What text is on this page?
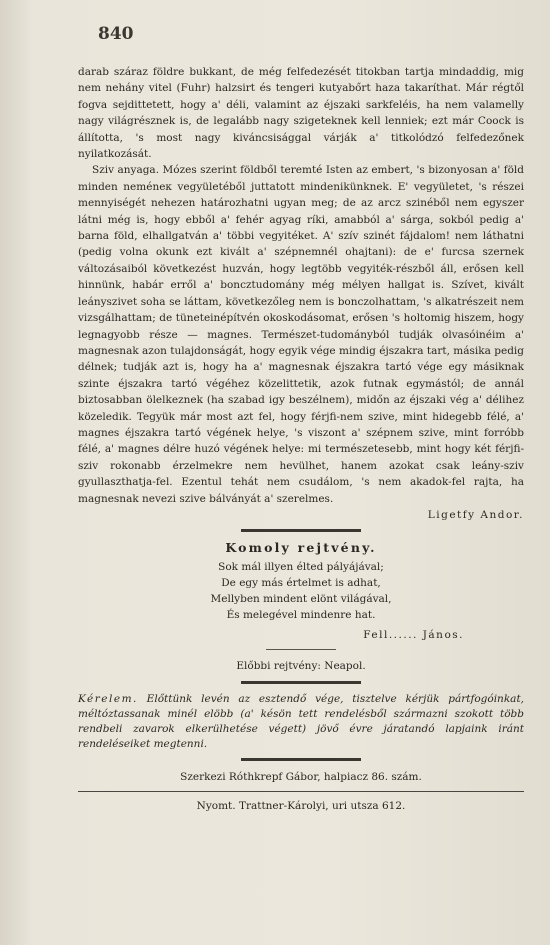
840

darab száraz földre bukkant, de még felfedezését titokban tartja mindaddig, mig nem nehány vitel (Fuhr) halzsirt és tengeri kutyabőrt haza takaríthat. Már régtől fogva sejdittetett, hogy a' déli, valamint az éjszaki sarkfeléis, ha nem valamelly nagy világrésznek is, de legalább nagy szigeteknek kell lenniek; ezt már Coock is állította, 's most nagy kiváncsisággal várják a' titkolódzó felfedezőnek nyilatkozását.

Sziv anyaga. Mózes szerint földből teremté Isten az embert, 's bizonyosan a' föld minden neméneк vegyületéből juttatott mindenikünknek. E' vegyületet, 's részei mennyiségét nehezen határozhatni ugyan meg; de az arcz szinéből nem egyszer látni még is, hogy ebből a' fehér agyag ríki, amabból a' sárga, sokból pedig a' barna föld, elhallgatván a' többi vegyitéket. A' szív szinét fájdalom! nem láthatni (pedig volna okunk ezt kivált a' szépnemnél ohajtani): de e' furcsa szernek változásaiból következést huzván, hogy legtöbb vegyiték-részből áll, erősen kell hinnünk, habár erről a' boncztudomány még mélyen hallgat is. Szívet, kivált leányszivet soha se láttam, következőleg nem is bonczolhattam, 's alkatrészeit nem vizsgálhattam; de tüneteinépítvén okoskodásomat, erősen 's holtomig hiszem, hogy legnagyobb része — magnes. Természet-tudományból tudják olvasóinéim a' magnesnak azon tulajdonságát, hogy egyik vége mindig éjszakra tart, másika pedig délnek; tudják azt is, hogy ha a' magnesnak éjszakra tartó vége egy másiknak szinte éjszakra tartó végéhez közelittetik, azok futnak egymástól; de annál biztosabban ölelkeznek (ha szabad igy beszélnem), midőn az éjszaki vég a' délihez közeledik. Tegyük már most azt fel, hogy férjfi-nem szive, mint hidegebb félé, a' magnes éjszakra tartó végének helye, 's viszont a' szépnem szive, mint forróbb félé, a' magnes délre huzó végének helye: mi természetesebb, mint hogy két férjfi-sziv rokonabb érzelmekre nem hevülhet, hanem azokat csak leány-sziv gyullaszthatja-fel. Ezentul tehát nem csudálom, 's nem akadok-fel rajta, ha magnesnak nevezi szive bálványát a' szerelmes.

Ligetfy Andor.
Komoly rejtvény.
Sok mál illyen élted pályájával;
De egy más értelmet is adhat,
Mellyben mindent elönt világával,
És melegével mindenre hat.
Fell...... János.
Előbbi rejtvény: Neapol.

Kérelem. Előttünk levén az esztendő vége, tisztelve kérjük pártfogóinkat, méltóztassanak minél elöbb (a' késön tett rendelésből származni szokott több rendbeli zavarok elkerülhetése végett) jövő évre járatandó lapjaink iránt rendeléseiket megtenni.

Szerkezi Róthkrepf Gábor, halpiacz 86. szám.
Nyomt. Trattner-Károlyi, uri utsza 612.
